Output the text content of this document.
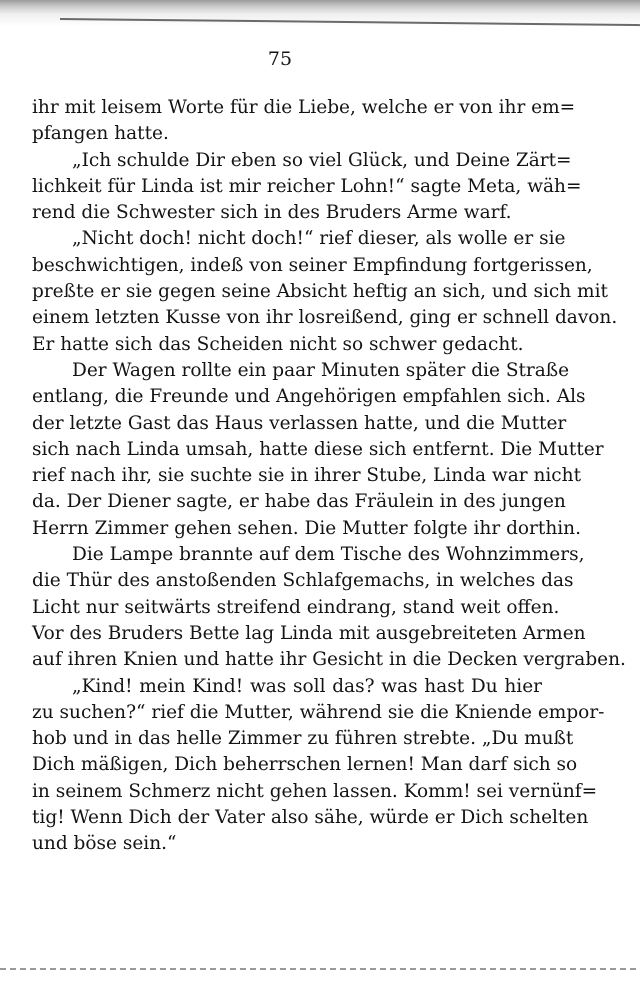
75
ihr mit leisem Worte für die Liebe, welche er von ihr em=
pfangen hatte.
„Ich schulde Dir eben so viel Glück, und Deine Zärt=
lichkeit für Linda ist mir reicher Lohn!“ sagte Meta, wäh=
rend die Schwester sich in des Bruders Arme warf.
„Nicht doch! nicht doch!“ rief dieser, als wolle er sie
beschwichtigen, indeß von seiner Empfindung fortgerissen,
preßte er sie gegen seine Absicht heftig an sich, und sich mit
einem letzten Kusse von ihr losreißend, ging er schnell davon.
Er hatte sich das Scheiden nicht so schwer gedacht.
Der Wagen rollte ein paar Minuten später die Straße
entlang, die Freunde und Angehörigen empfahlen sich. Als
der letzte Gast das Haus verlassen hatte, und die Mutter
sich nach Linda umsah, hatte diese sich entfernt. Die Mutter
rief nach ihr, sie suchte sie in ihrer Stube, Linda war nicht
da. Der Diener sagte, er habe das Fräulein in des jungen
Herrn Zimmer gehen sehen. Die Mutter folgte ihr dorthin.
Die Lampe brannte auf dem Tische des Wohnzimmers,
die Thür des anstoßenden Schlafgemachs, in welches das
Licht nur seitwärts streifend eindrang, stand weit offen.
Vor des Bruders Bette lag Linda mit ausgebreiteten Armen
auf ihren Knien und hatte ihr Gesicht in die Decken vergraben.
„Kind! mein Kind! was soll das? was hast Du hier
zu suchen?“ rief die Mutter, während sie die Kniende empor-
hob und in das helle Zimmer zu führen strebte. „Du mußt
Dich mäßigen, Dich beherrschen lernen! Man darf sich so
in seinem Schmerz nicht gehen lassen. Komm! sei vernünf=
tig! Wenn Dich der Vater also sähe, würde er Dich schelten
und böse sein.“
